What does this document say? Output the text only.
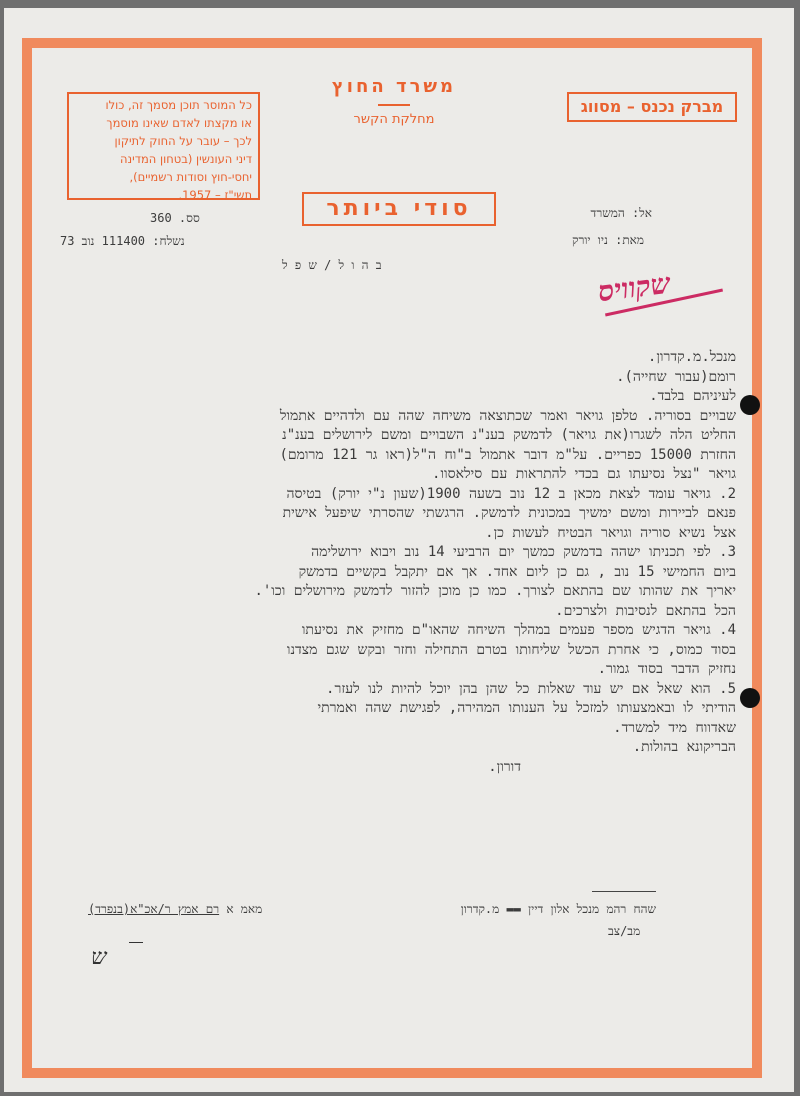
משרד החוץ
מחלקת הקשר
מברק נכנס – מסווג
כל המוסר תוכן מסמך זה, כולו
או מקצתו לאדם שאינו מוסמך
לכך – עובר על החוק לתיקון
דיני העונשין (בטחון המדינה
יחסי-חוץ וסודות רשמיים),
תשי"ז – 1957.
סודי ביותר	אל: המשרד
מאת: ניו יורק
סס. 360
נשלח: 111400 נוב 73
ב ה ו ל / ש פ ל
שקוויס
מנכל.מ.קדרון.
רומם(עבור שחייה).
לעיניהם בלבד.
שבויים בסוריה. טלפן גויאר ואמר שכתוצאה משיחה שהה עם ולדהיים אתמול
החליט הלה לשגרו(את גויאר) לדמשק בענ"נ השבויים ומשם לירושלים בענ"נ
החזרת 15000 כפריים. על"מ דובר אתמול ב"וח ה"ל(ראו גר 121 מרומם)
גויאר "נצל נסיעתו גם בכדי להתראות עם סילאסוו.
2. גויאר עומד לצאת מכאן ב 12 נוב בשעה 1900(שעון נ"י יורק) בטיסה
פנאם לביירות ומשם ימשיך במכונית לדמשק. הרגשתי שהסרתי שיפעל אישית
אצל נשיא סוריה וגויאר הבטיח לעשות כן.
3. לפי תכניתו ישהה בדמשק כמשך יום הרביעי 14 נוב ויבוא ירושלימה
ביום החמישי 15 נוב , גם כן ליום אחד. אך אם יתקבל בקשיים בדמשק
יאריך את שהותו שם בהתאם לצורך. כמו כן מוכן להזור לדמשק מירושלים וכו'.
הכל בהתאם לנסיבות ולצרכים.
4. גויאר הדגיש מספר פעמים במהלך השיחה שהאו"ם מחזיק את נסיעתו
בסוד כמוס, כי אחרת הכשל שליחותו בטרם התחילה וחזר ובקש שגם מצדנו
נחזיק הדבר בסוד גמור.
5. הוא שאל אם יש עוד שאלות כל שהן בהן יוכל להיות לנו לעזר.
הודיתי לו ובאמצעותו למזכל על הענותו המהירה, לפגישת שהה ואמרתי
שאדווח מיד למשרד.
הבריקונא בהולות.
דורון.
שהח רהמ מנכל אלון דיין ▬▬ מ.קדרון
מאמ א רם אמץ ר/אכ"א(בנפרד)
מב/צב
ש
